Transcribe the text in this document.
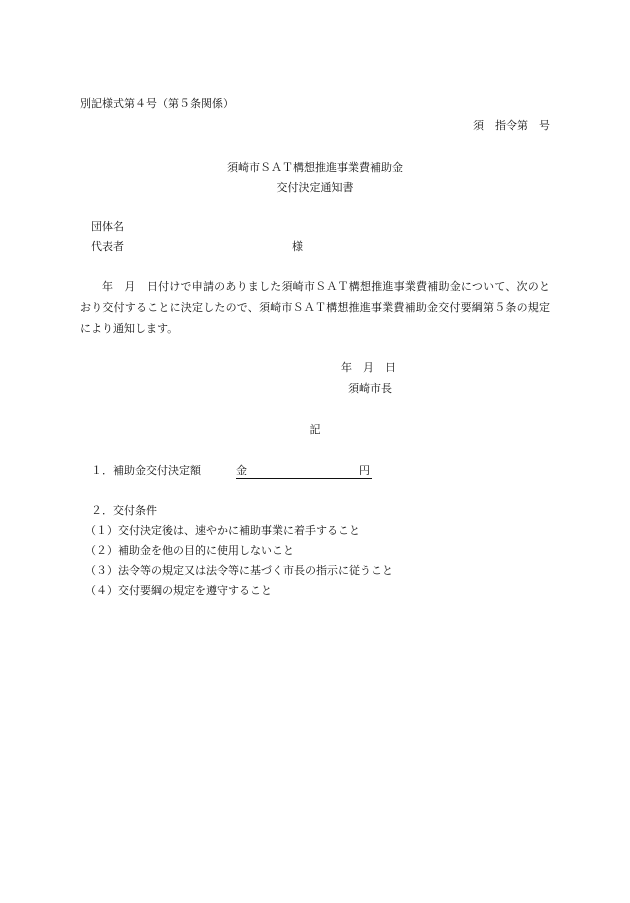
別記様式第４号（第５条関係）
須　指令第　号
須崎市ＳＡＴ構想推進事業費補助金
交付決定通知書
団体名
代表者	様
年　月　日付けで申請のありました須崎市ＳＡＴ構想推進事業費補助金について、次のとおり交付することに決定したので、須崎市ＳＡＴ構想推進事業費補助金交付要綱第５条の規定により通知します。
年　月　日
須崎市長
記
１．補助金交付決定額	金	円
２．交付条件
（１）交付決定後は、速やかに補助事業に着手すること
（２）補助金を他の目的に使用しないこと
（３）法令等の規定又は法令等に基づく市長の指示に従うこと
（４）交付要綱の規定を遵守すること
